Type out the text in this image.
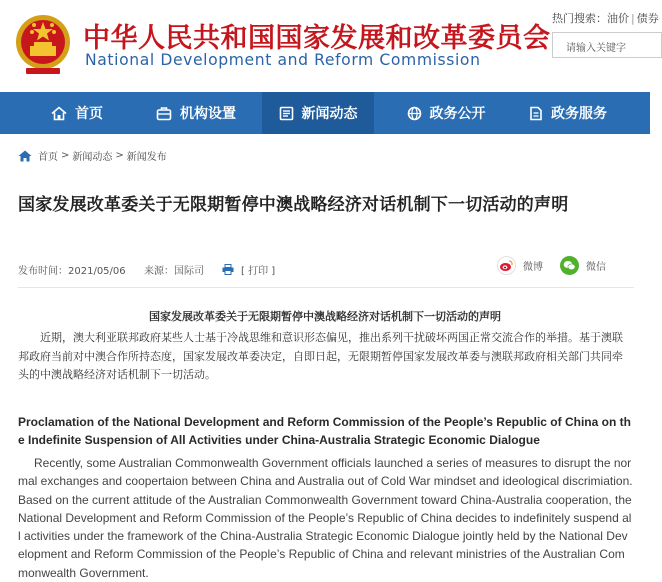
中华人民共和国国家发展和改革委员会
National Development and Reform Commission
热门搜索：油价 | 债券
请输入关键字
首页	机构设置	新闻动态	政务公开	政务服务
首页 > 新闻动态 > 新闻发布
国家发展改革委关于无限期暂停中澳战略经济对话机制下一切活动的声明
发布时间：2021/05/06 来源：国际司	[ 打印 ]	微博	微信
国家发展改革委关于无限期暂停中澳战略经济对话机制下一切活动的声明
近期，澳大利亚联邦政府某些人士基于冷战思维和意识形态偏见，推出系列干扰破坏两国正常交流合作的举措。基于澳联邦政府当前对中澳合作所持态度，国家发展改革委决定，自即日起，无限期暂停国家发展改革委与澳联邦政府相关部门共同牵头的中澳战略经济对话机制下一切活动。
Proclamation of the National Development and Reform Commission of the People’s Republic of China on the Indefinite Suspension of All Activities under China-Australia Strategic Economic Dialogue
Recently, some Australian Commonwealth Government officials launched a series of measures to disrupt the normal exchanges and coopertaion between China and Australia out of Cold War mindset and ideological discrimiation. Based on the current attitude of the Australian Commonwealth Government toward China-Australia cooperation, the National Development and Reform Commission of the People’s Republic of China decides to indefinitely suspend all activities under the framework of the China-Australia Strategic Economic Dialogue jointly held by the National Development and Reform Commission of the People’s Republic of China and relevant ministries of the Australian Commonwealth Government.
